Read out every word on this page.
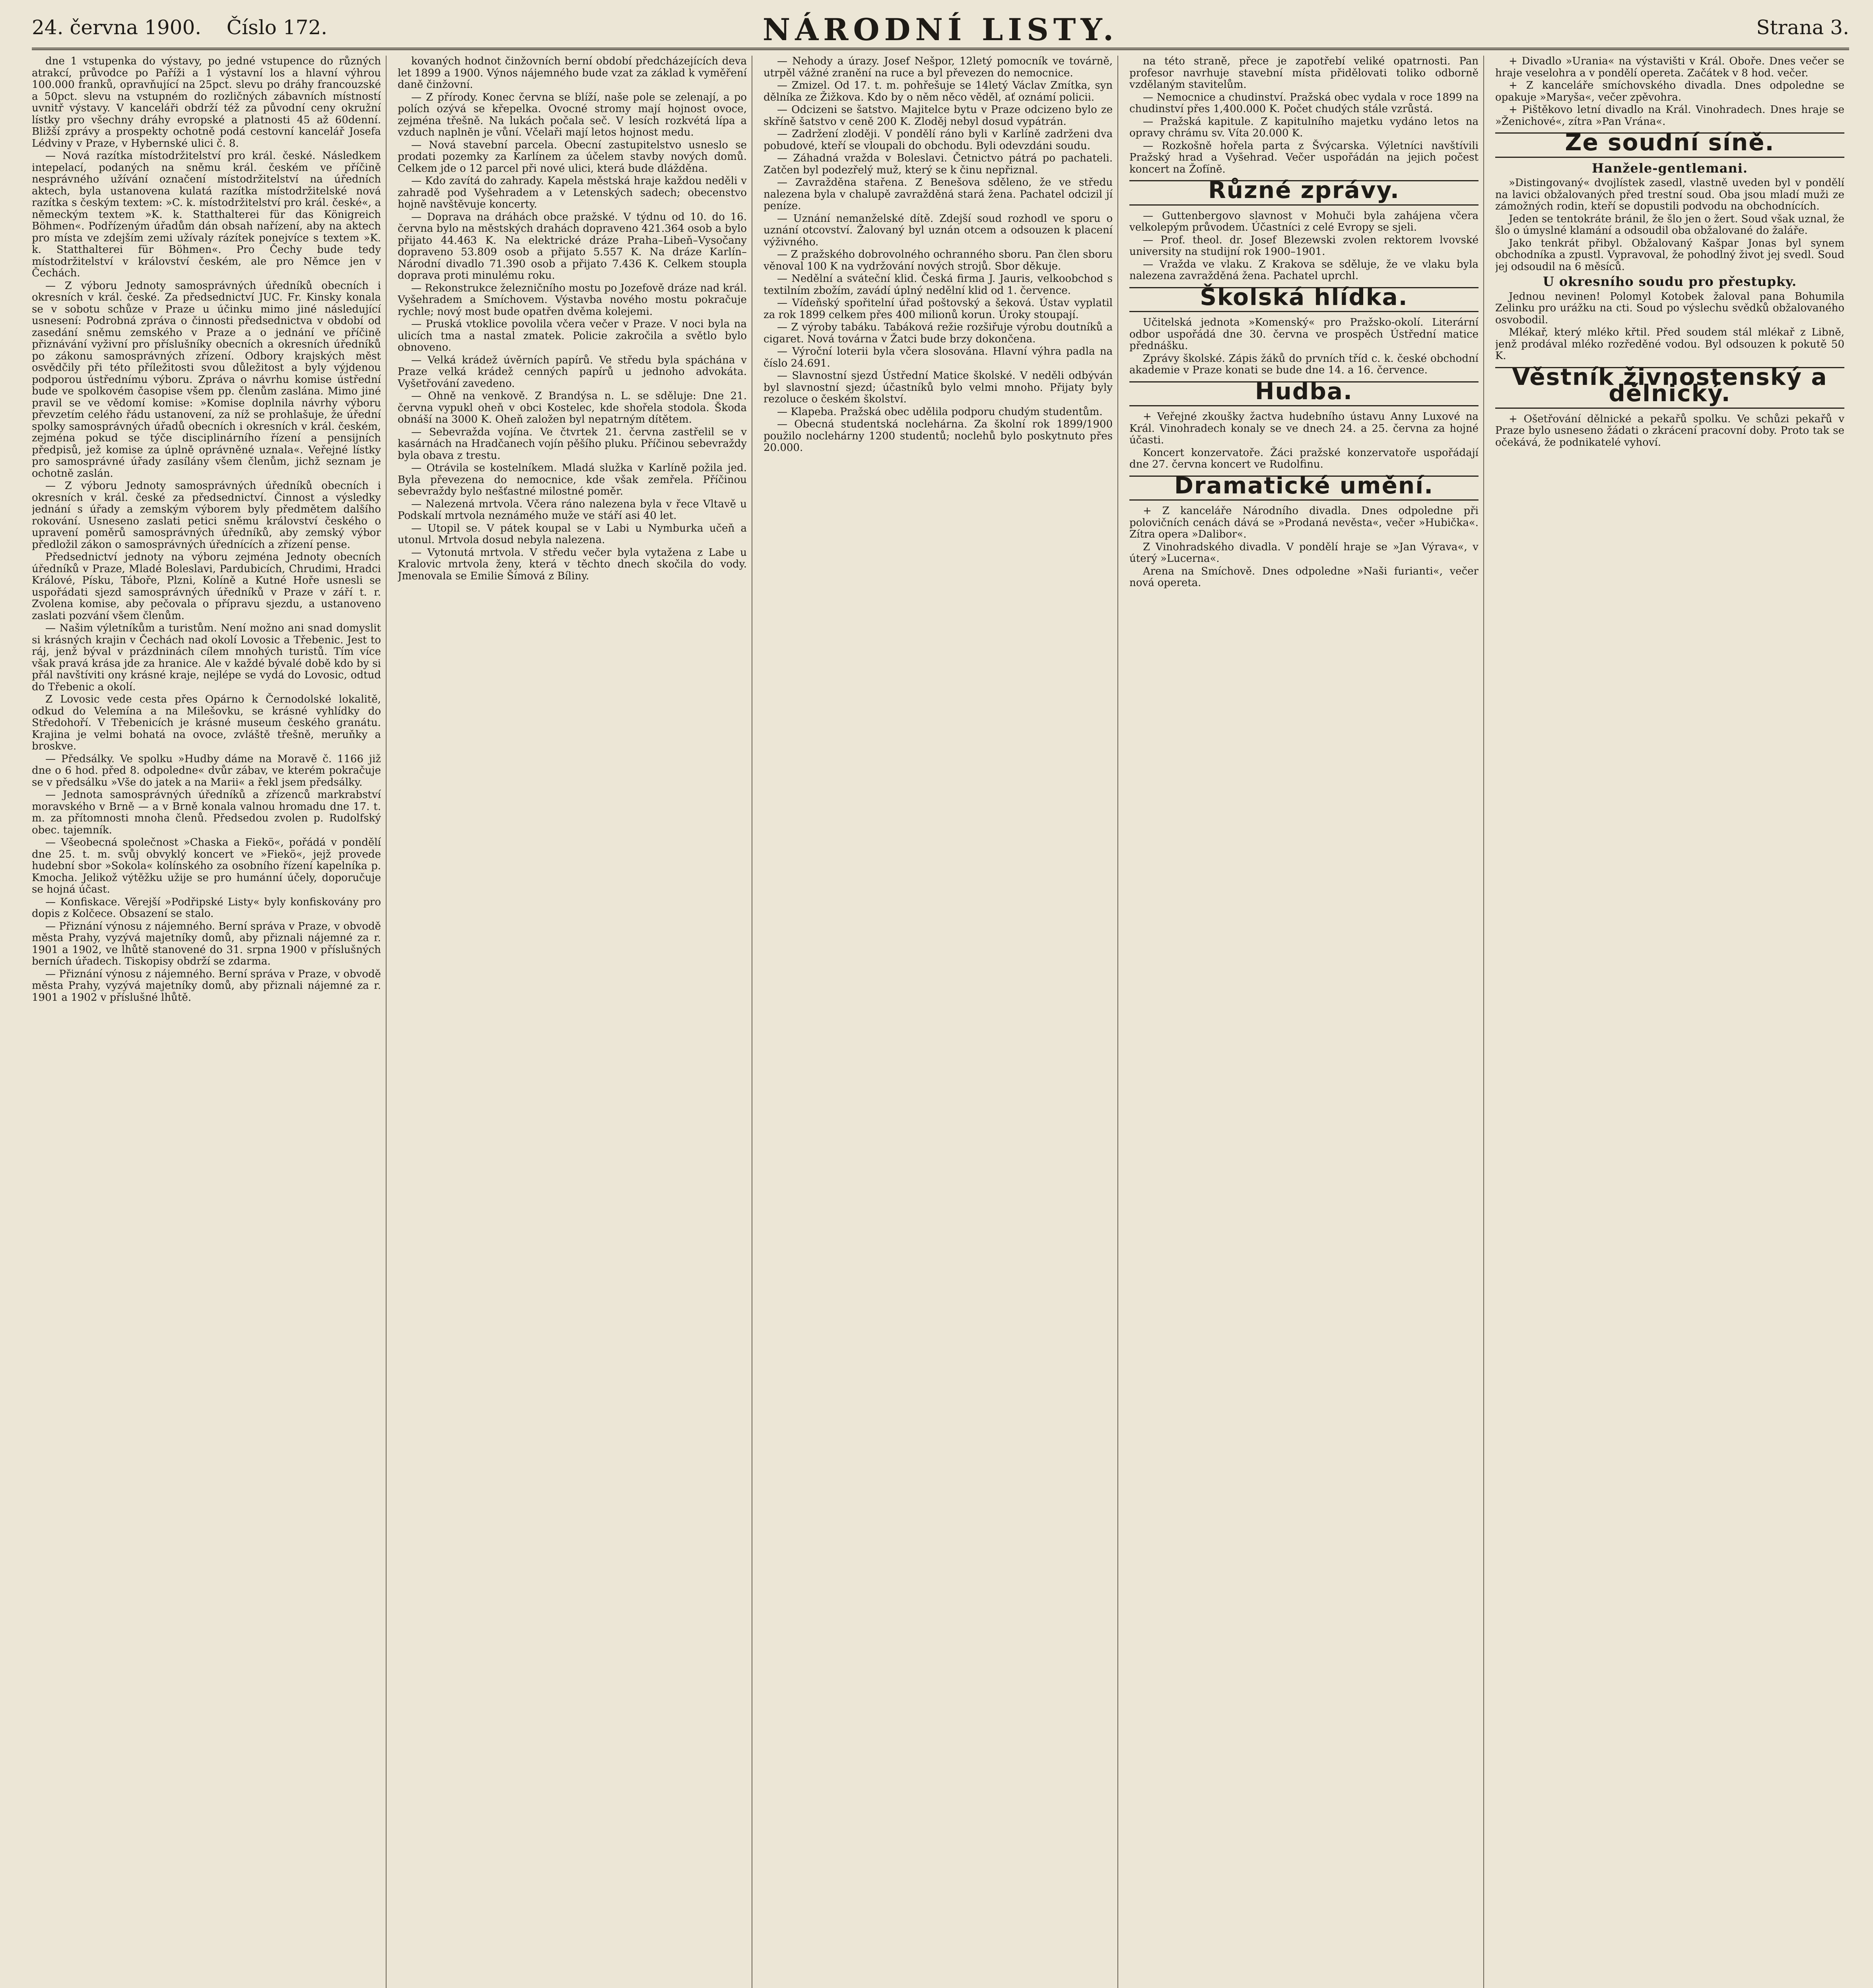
24. června 1900. Číslo 172.	NÁRODNÍ LISTY.	Strana 3.

dne 1 vstupenka do výstavy, po jedné vstupence do různých atrakcí, průvodce po Paříži a 1 výstavní los a hlavní výhrou 100.000 franků, opravňující na 25pct. slevu po dráhy francouzské a 50pct. slevu na vstupném do rozličných zábavních místností uvnitř výstavy. V kanceláři obdrží též za původní ceny okružní lístky pro všechny dráhy evropské a platnosti 45 až 60denní. Bližší zprávy a prospekty ochotně podá cestovní kancelář Josefa Lédviny v Praze, v Hybernské ulici č. 8.

— Nová razítka místodržitelství pro král. české. Následkem intepelací, podaných na sněmu král. českém ve příčině nesprávného užívání označení místodržitelství na úředních aktech, byla ustanovena kulatá razítka místodržitelské nová razítka s českým textem: »C. k. místodržitelství pro král. české«, a německým textem »K. k. Statthalterei für das Königreich Böhmen«. Podřízeným úřadům dán obsah nařízení, aby na aktech pro místa ve zdejším zemi užívaly rázítek ponejvíce s textem »K. k. Statthalterei für Böhmen«. Pro Čechy bude tedy místodržitelství v království českém, ale pro Němce jen v Čechách.

— Z výboru Jednoty samosprávných úředníků obecních i okresních v král. české. Za předsednictví JUC. Fr. Kinsky konala se v sobotu schůze v Praze u účinku mimo jiné následující usnesení: Podrobná zpráva o činnosti předsednictva v období od zasedání sněmu zemského v Praze a o jednání ve příčině přiznávání vyživní pro příslušníky obecních a okresních úředníků po zákonu samosprávných zřízení. Odbory krajských měst osvědčily při této příležitosti svou důležitost a byly výjdenou podporou ústřednímu výboru. Zpráva o návrhu komise ústřední bude ve spolkovém časopise všem pp. členům zaslána. Mimo jiné pravil se ve vědomí komise: »Komise doplnila návrhy výboru převzetím celého řádu ustanovení, za níž se prohlašuje, že úřední spolky samosprávných úřadů obecních i okresních v král. českém, zejména pokud se týče disciplinárního řízení a pensijních předpisů, jež komise za úplně oprávněné uznala«. Veřejné lístky pro samosprávné úřady zasílány všem členům, jichž seznam je ochotně zaslán.

— Z výboru Jednoty samosprávných úředníků obecních i okresních v král. české za předsednictví. Činnost a výsledky jednání s úřady a zemským výborem byly předmětem dalšího rokování. Usneseno zaslati petici sněmu království českého o upravení poměrů samosprávných úředníků, aby zemský výbor předložil zákon o samosprávných úřednících a zřízení pense.

Předsednictví jednoty na výboru zejména Jednoty obecních úředníků v Praze, Mladé Boleslavi, Pardubicích, Chrudimi, Hradci Králové, Písku, Táboře, Plzni, Kolíně a Kutné Hoře usnesli se uspořádati sjezd samosprávných úředníků v Praze v září t. r. Zvolena komise, aby pečovala o přípravu sjezdu, a ustanoveno zaslati pozvání všem členům.

— Našim výletníkům a turistům. Není možno ani snad domyslit si krásných krajin v Čechách nad okolí Lovosic a Třebenic. Jest to ráj, jenž býval v prázdninách cílem mnohých turistů. Tím více však pravá krása jde za hranice. Ale v každé bývalé době kdo by si přál navštíviti ony krásné kraje, nejlépe se vydá do Lovosic, odtud do Třebenic a okolí.

Z Lovosic vede cesta přes Opárno k Černodolské lokalitě, odkud do Velemína a na Milešovku, se krásné vyhlídky do Středohoří. V Třebenicích je krásné museum českého granátu. Krajina je velmi bohatá na ovoce, zvláště třešně, meruňky a broskve.

— Předsálky. Ve spolku »Hudby dáme na Moravě č. 1166 již dne o 6 hod. před 8. odpoledne« dvůr zábav, ve kterém pokračuje se v předsálku »Vše do jatek a na Marii« a řekl jsem předsálky.

— Jednota samosprávných úředníků a zřízenců markrabství moravského v Brně — a v Brně konala valnou hromadu dne 17. t. m. za přítomnosti mnoha členů. Předsedou zvolen p. Rudolfský obec. tajemník.

— Všeobecná společnost »Chaska a Fiekö«, pořádá v pondělí dne 25. t. m. svůj obvyklý koncert ve »Fiekö«, jejž provede hudební sbor »Sokola« kolínského za osobního řízení kapelníka p. Kmocha. Jelikož výtěžku užije se pro humánní účely, doporučuje se hojná účast.

— Konfiskace. Věrejší »Podřipské Listy« byly konfiskovány pro dopis z Kolčece. Obsazení se stalo.

— Přiznání výnosu z nájemného. Berní správa v Praze, v obvodě města Prahy, vyzývá majetníky domů, aby přiznali nájemné za r. 1901 a 1902, ve lhůtě stanovené do 31. srpna 1900 v příslušných berních úřadech. Tiskopisy obdrží se zdarma.

— Přiznání výnosu z nájemného. Berní správa v Praze, v obvodě města Prahy, vyzývá majetníky domů, aby přiznali nájemné za r. 1901 a 1902 v příslušné lhůtě.

kovaných hodnot činžovních berní období předcházejících deva let 1899 a 1900. Výnos nájemného bude vzat za základ k vyměření daně činžovní.

— Z přírody. Konec června se blíží, naše pole se zelenají, a po polích ozývá se křepelka. Ovocné stromy mají hojnost ovoce, zejména třešně. Na lukách počala seč. V lesích rozkvétá lípa a vzduch naplněn je vůní. Včelaři mají letos hojnost medu.

— Nová stavební parcela. Obecní zastupitelstvo usneslo se prodati pozemky za Karlínem za účelem stavby nových domů. Celkem jde o 12 parcel při nové ulici, která bude dlážděna.

— Kdo zavítá do zahrady. Kapela městská hraje každou neděli v zahradě pod Vyšehradem a v Letenských sadech; obecenstvo hojně navštěvuje koncerty.

— Doprava na dráhách obce pražské. V týdnu od 10. do 16. června bylo na městských drahách dopraveno 421.364 osob a bylo přijato 44.463 K. Na elektrické dráze Praha–Libeň–Vysočany dopraveno 53.809 osob a přijato 5.557 K. Na dráze Karlín–Národní divadlo 71.390 osob a přijato 7.436 K. Celkem stoupla doprava proti minulému roku.

— Rekonstrukce železničního mostu po Jozefově dráze nad král. Vyšehradem a Smíchovem. Výstavba nového mostu pokračuje rychle; nový most bude opatřen dvěma kolejemi.

— Pruská vtoklice povolila včera večer v Praze. V noci byla na ulicích tma a nastal zmatek. Policie zakročila a světlo bylo obnoveno.

— Velká krádež úvěrních papírů. Ve středu byla spáchána v Praze velká krádež cenných papírů u jednoho advokáta. Vyšetřování zavedeno.

— Ohně na venkově. Z Brandýsa n. L. se sděluje: Dne 21. června vypukl oheň v obci Kostelec, kde shořela stodola. Škoda obnáší na 3000 K. Oheň založen byl nepatrným dítětem.

— Sebevražda vojína. Ve čtvrtek 21. června zastřelil se v kasárnách na Hradčanech vojín pěšího pluku. Příčinou sebevraždy byla obava z trestu.

— Otrávila se kostelníkem. Mladá služka v Karlíně požila jed. Byla převezena do nemocnice, kde však zemřela. Příčinou sebevraždy bylo nešťastné milostné poměr.

— Nalezená mrtvola. Včera ráno nalezena byla v řece Vltavě u Podskalí mrtvola neznámého muže ve stáří asi 40 let.

— Utopil se. V pátek koupal se v Labi u Nymburka učeň a utonul. Mrtvola dosud nebyla nalezena.

— Vytonutá mrtvola. V středu večer byla vytažena z Labe u Kralovic mrtvola ženy, která v těchto dnech skočila do vody. Jmenovala se Emilie Šímová z Bíliny.

— Nehody a úrazy. Josef Nešpor, 12letý pomocník ve továrně, utrpěl vážné zranění na ruce a byl převezen do nemocnice.

— Zmizel. Od 17. t. m. pohřešuje se 14letý Václav Zmítka, syn dělníka ze Žižkova. Kdo by o něm něco věděl, ať oznámí policii.

— Odcizeni se šatstvo. Majitelce bytu v Praze odcizeno bylo ze skříně šatstvo v ceně 200 K. Zloděj nebyl dosud vypátrán.

— Zadržení zloději. V pondělí ráno byli v Karlíně zadrženi dva pobudové, kteří se vloupali do obchodu. Byli odevzdáni soudu.

— Záhadná vražda v Boleslavi. Četnictvo pátrá po pachateli. Zatčen byl podezřelý muž, který se k činu nepřiznal.

— Zavražděna stařena. Z Benešova sděleno, že ve středu nalezena byla v chalupě zavražděná stará žena. Pachatel odcizil jí peníze.

— Uznání nemanželské dítě. Zdejší soud rozhodl ve sporu o uznání otcovství. Žalovaný byl uznán otcem a odsouzen k placení výživného.

— Z pražského dobrovolného ochranného sboru. Pan člen sboru věnoval 100 K na vydržování nových strojů. Sbor děkuje.

— Nedělní a sváteční klid. Česká firma J. Jauris, velkoobchod s textilním zbožím, zavádí úplný nedělní klid od 1. července.

— Vídeňský spořitelní úřad poštovský a šeková. Ústav vyplatil za rok 1899 celkem přes 400 milionů korun. Úroky stoupají.

— Z výroby tabáku. Tabáková režie rozšiřuje výrobu doutníků a cigaret. Nová továrna v Žatci bude brzy dokončena.

— Výroční loterii byla včera slosována. Hlavní výhra padla na číslo 24.691.

— Slavnostní sjezd Ústřední Matice školské. V neděli odbýván byl slavnostní sjezd; účastníků bylo velmi mnoho. Přijaty byly rezoluce o českém školství.

— Klapeba. Pražská obec udělila podporu chudým studentům.

— Obecná studentská noclehárna. Za školní rok 1899/1900 použilo noclehárny 1200 studentů; noclehů bylo poskytnuto přes 20.000.

na této straně, přece je zapotřebí veliké opatrnosti. Pan profesor navrhuje stavební místa přidělovati toliko odborně vzdělaným stavitelům.

— Nemocnice a chudinství. Pražská obec vydala v roce 1899 na chudinství přes 1,400.000 K. Počet chudých stále vzrůstá.

— Pražská kapitule. Z kapitulního majetku vydáno letos na opravy chrámu sv. Víta 20.000 K.

— Rozkošně hořela parta z Švýcarska. Výletníci navštívili Pražský hrad a Vyšehrad. Večer uspořádán na jejich počest koncert na Žofíně.

Různé zprávy.

— Guttenbergovo slavnost v Mohuči byla zahájena včera velkolepým průvodem. Účastníci z celé Evropy se sjeli.

— Prof. theol. dr. Josef Blezewski zvolen rektorem lvovské university na studijní rok 1900–1901.

— Vražda ve vlaku. Z Krakova se sděluje, že ve vlaku byla nalezena zavražděná žena. Pachatel uprchl.

Školská hlídka.

Učitelská jednota »Komenský« pro Pražsko-okolí. Literární odbor uspořádá dne 30. června ve prospěch Ústřední matice přednášku.

Zprávy školské. Zápis žáků do prvních tříd c. k. české obchodní akademie v Praze konati se bude dne 14. a 16. července.

Hudba.

+ Veřejné zkoušky žactva hudebního ústavu Anny Luxové na Král. Vinohradech konaly se ve dnech 24. a 25. června za hojné účasti.

Koncert konzervatoře. Žáci pražské konzervatoře uspořádají dne 27. června koncert ve Rudolfinu.

Dramatické umění.

+ Z kanceláře Národního divadla. Dnes odpoledne při polovičních cenách dává se »Prodaná nevěsta«, večer »Hubička«. Zítra opera »Dalibor«.

Z Vinohradského divadla. V pondělí hraje se »Jan Výrava«, v úterý »Lucerna«.

Arena na Smíchově. Dnes odpoledne »Naši furianti«, večer nová opereta.

+ Divadlo »Urania« na výstavišti v Král. Oboře. Dnes večer se hraje veselohra a v pondělí opereta. Začátek v 8 hod. večer.

+ Z kanceláře smíchovského divadla. Dnes odpoledne se opakuje »Maryša«, večer zpěvohra.

+ Pištěkovo letní divadlo na Král. Vinohradech. Dnes hraje se »Ženichové«, zítra »Pan Vrána«.

Ze soudní síně.
Hanžele-gentlemani.

»Distingovaný« dvojlístek zasedl, vlastně uveden byl v pondělí na lavici obžalovaných před trestní soud. Oba jsou mladí muži ze zámožných rodin, kteří se dopustili podvodu na obchodnících.

Jeden se tentokráte bránil, že šlo jen o žert. Soud však uznal, že šlo o úmyslné klamání a odsoudil oba obžalované do žaláře.

Jako tenkrát přibyl. Obžalovaný Kašpar Jonas byl synem obchodníka a zpustl. Vypravoval, že pohodlný život jej svedl. Soud jej odsoudil na 6 měsíců.

U okresního soudu pro přestupky.

Jednou nevinen! Polomyl Kotobek žaloval pana Bohumila Zelinku pro urážku na cti. Soud po výslechu svědků obžalovaného osvobodil.

Mlékař, který mléko křtil. Před soudem stál mlékař z Libně, jenž prodával mléko rozředěné vodou. Byl odsouzen k pokutě 50 K.

Věstník živnostenský a dělnický.

+ Ošetřování dělnické a pekařů spolku. Ve schůzi pekařů v Praze bylo usneseno žádati o zkrácení pracovní doby. Proto tak se očekává, že podnikatelé vyhoví.
